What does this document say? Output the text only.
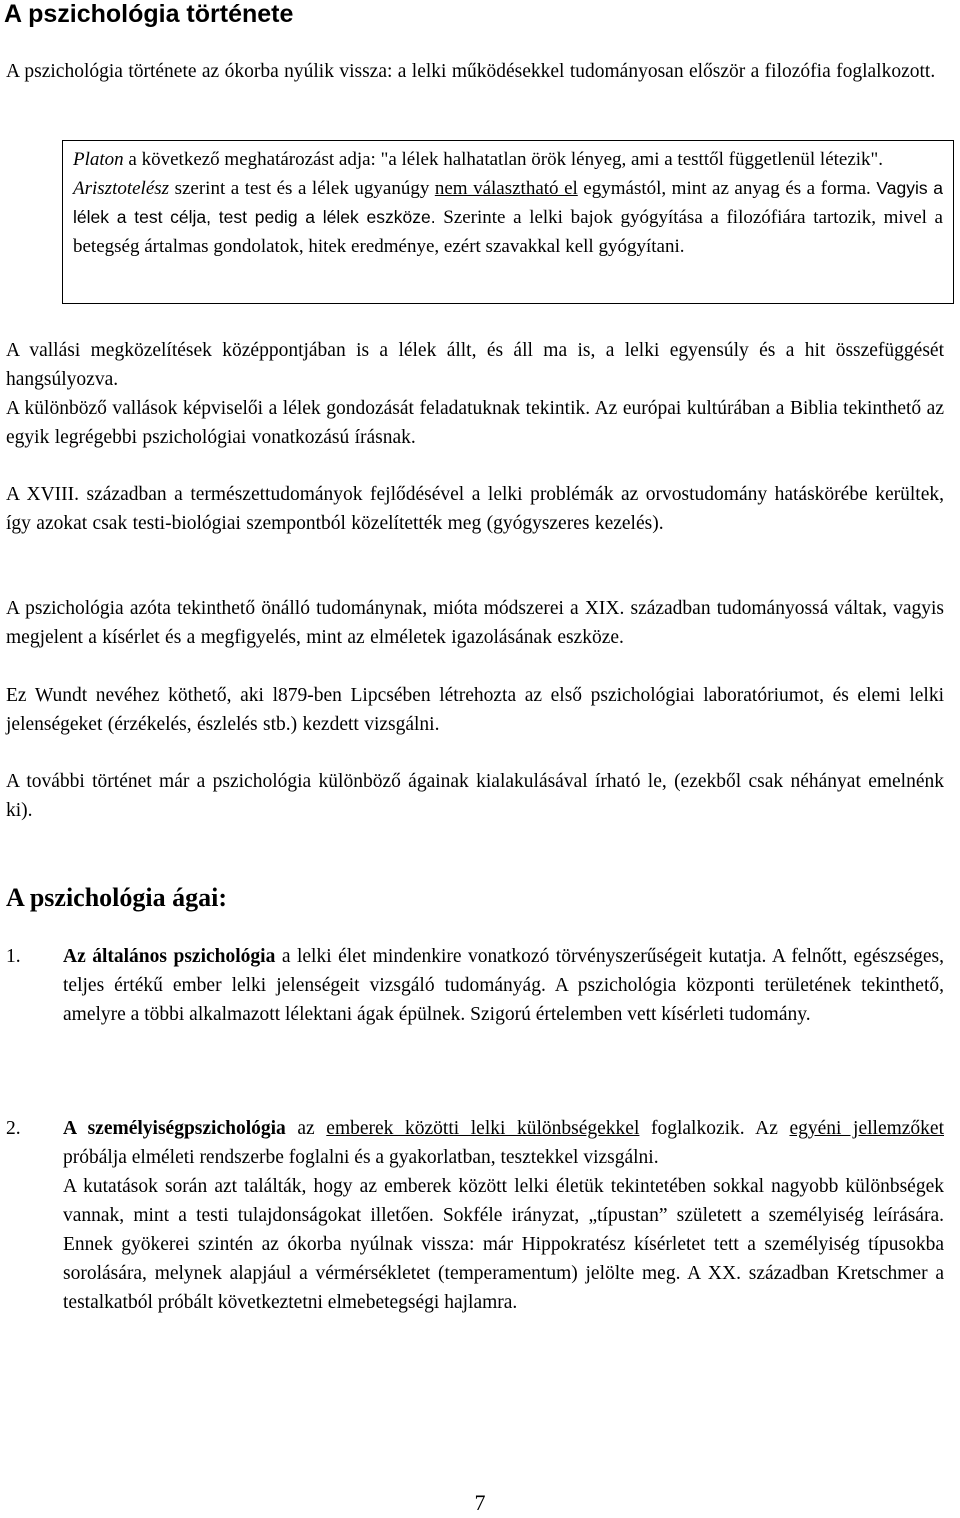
A pszichológia története
A pszichológia története az ókorba nyúlik vissza: a lelki működésekkel tudományosan először a filozófia foglalkozott.

Platon a következő meghatározást adja: "a lélek halhatatlan örök lényeg, ami a testtől függetlenül létezik".

Arisztotelész szerint a test és a lélek ugyanúgy nem választható el egymástól, mint az anyag és a forma. Vagyis a lélek a test célja, test pedig a lélek eszköze. Szerinte a lelki bajok gyógyítása a filozófiára tartozik, mivel a betegség ártalmas gondolatok, hitek eredménye, ezért szavakkal kell gyógyítani.

A vallási megközelítések középpontjában is a lélek állt, és áll ma is, a lelki egyensúly és a hit összefüggését hangsúlyozva.
A különböző vallások képviselői a lélek gondozását feladatuknak tekintik. Az európai kultúrában a Biblia tekinthető az egyik legrégebbi pszichológiai vonatkozású írásnak.
A XVIII. században a természettudományok fejlődésével a lelki problémák az orvostudomány hatáskörébe kerültek, így azokat csak testi-biológiai szempontból közelítették meg (gyógyszeres kezelés).
A pszichológia azóta tekinthető önálló tudománynak, mióta módszerei a XIX. században tudományossá váltak, vagyis megjelent a kísérlet és a megfigyelés, mint az elméletek igazolásának eszköze.
Ez Wundt nevéhez köthető, aki l879-ben Lipcsében létrehozta az első pszichológiai laboratóriumot, és elemi lelki jelenségeket (érzékelés, észlelés stb.) kezdett vizsgálni.
A további történet már a pszichológia különböző ágainak kialakulásával írható le, (ezekből csak néhányat emelnénk ki).
A pszichológia ágai:
1. Az általános pszichológia a lelki élet mindenkire vonatkozó törvényszerűségeit kutatja. A felnőtt, egészséges, teljes értékű ember lelki jelenségeit vizsgáló tudományág. A pszichológia központi területének tekinthető, amelyre a többi alkalmazott lélektani ágak épülnek. Szigorú értelemben vett kísérleti tudomány.
2. A személyiségpszichológia az emberek közötti lelki különbségekkel foglalkozik. Az egyéni jellemzőket próbálja elméleti rendszerbe foglalni és a gyakorlatban, tesztekkel vizsgálni.

A kutatások során azt találták, hogy az emberek között lelki életük tekintetében sokkal nagyobb különbségek vannak, mint a testi tulajdonságokat illetően. Sokféle irányzat, „típustan” született a személyiség leírására. Ennek gyökerei szintén az ókorba nyúlnak vissza: már Hippokratész kísérletet tett a személyiség típusokba sorolására, melynek alapjául a vérmérsékletet (temperamentum) jelölte meg. A XX. században Kretschmer a testalkatból próbált következtetni elmebetegségi hajlamra.

7
